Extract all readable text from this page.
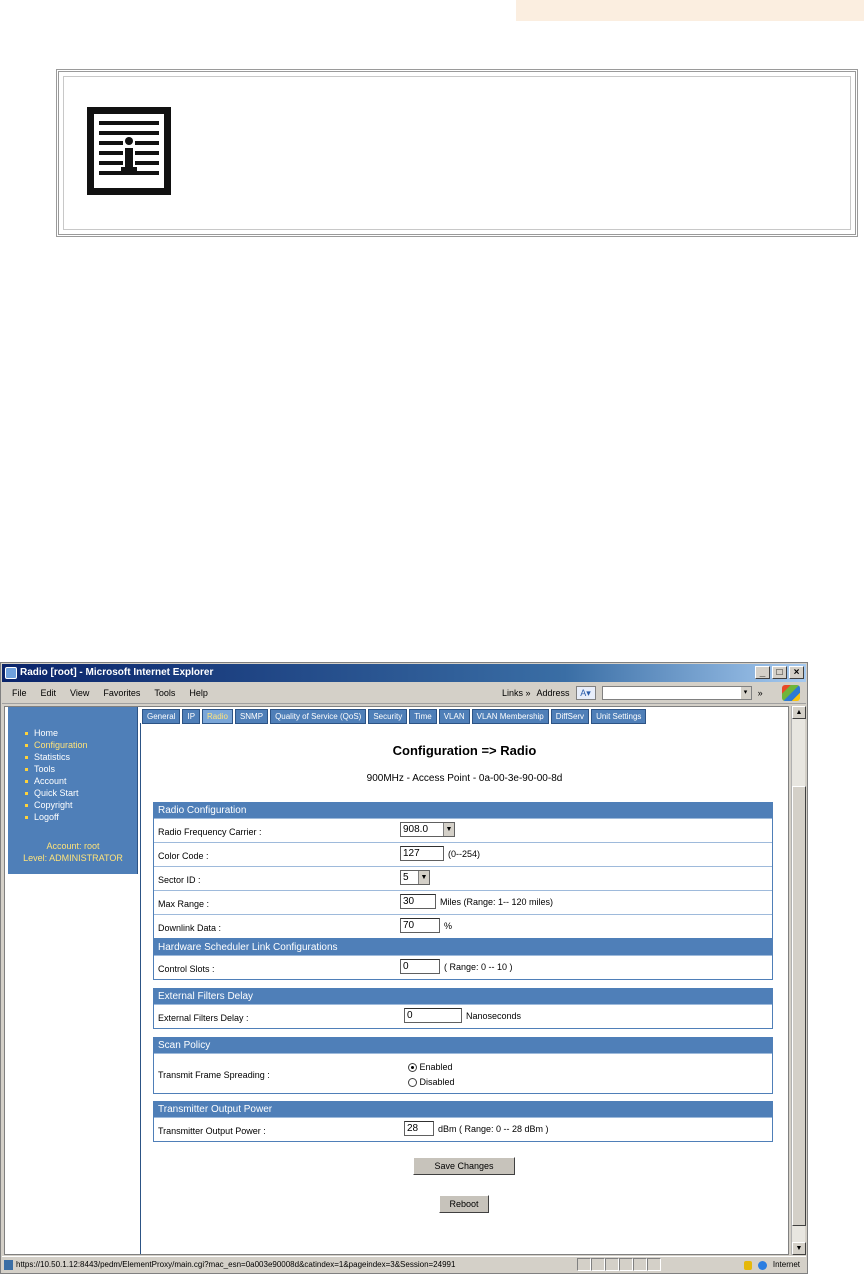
Radio [root] - Microsoft Internet Explorer	_	□	×
File Edit View Favorites Tools Help	Links » Address	A▾	▾	»
Home
Configuration
Statistics
Tools
Account
Quick Start
Copyright
Logoff
Account: root
Level: ADMINISTRATOR
General	IP	Radio	SNMP	Quality of Service (QoS)	Security	Time	VLAN	VLAN Membership	DiffServ	Unit Settings
Configuration => Radio
900MHz - Access Point - 0a-00-3e-90-00-8d
Radio Configuration
Radio Frequency Carrier :	908.0	▼
Color Code :	127	(0--254)
Sector ID :	5	▼
Max Range :	30	Miles (Range: 1-- 120 miles)
Downlink Data :	70	%
Hardware Scheduler Link Configurations
Control Slots :	0	( Range: 0 -- 10 )
External Filters Delay
External Filters Delay :	0	Nanoseconds
Scan Policy
Transmit Frame Spreading :
Enabled
Disabled
Transmitter Output Power
Transmitter Output Power :	28	dBm ( Range: 0 -- 28 dBm )
Save Changes
Reboot
▲
▼
https://10.50.1.12:8443/pedm/ElementProxy/main.cgi?mac_esn=0a003e90008d&catindex=1&pageindex=3&Session=24991	Internet
